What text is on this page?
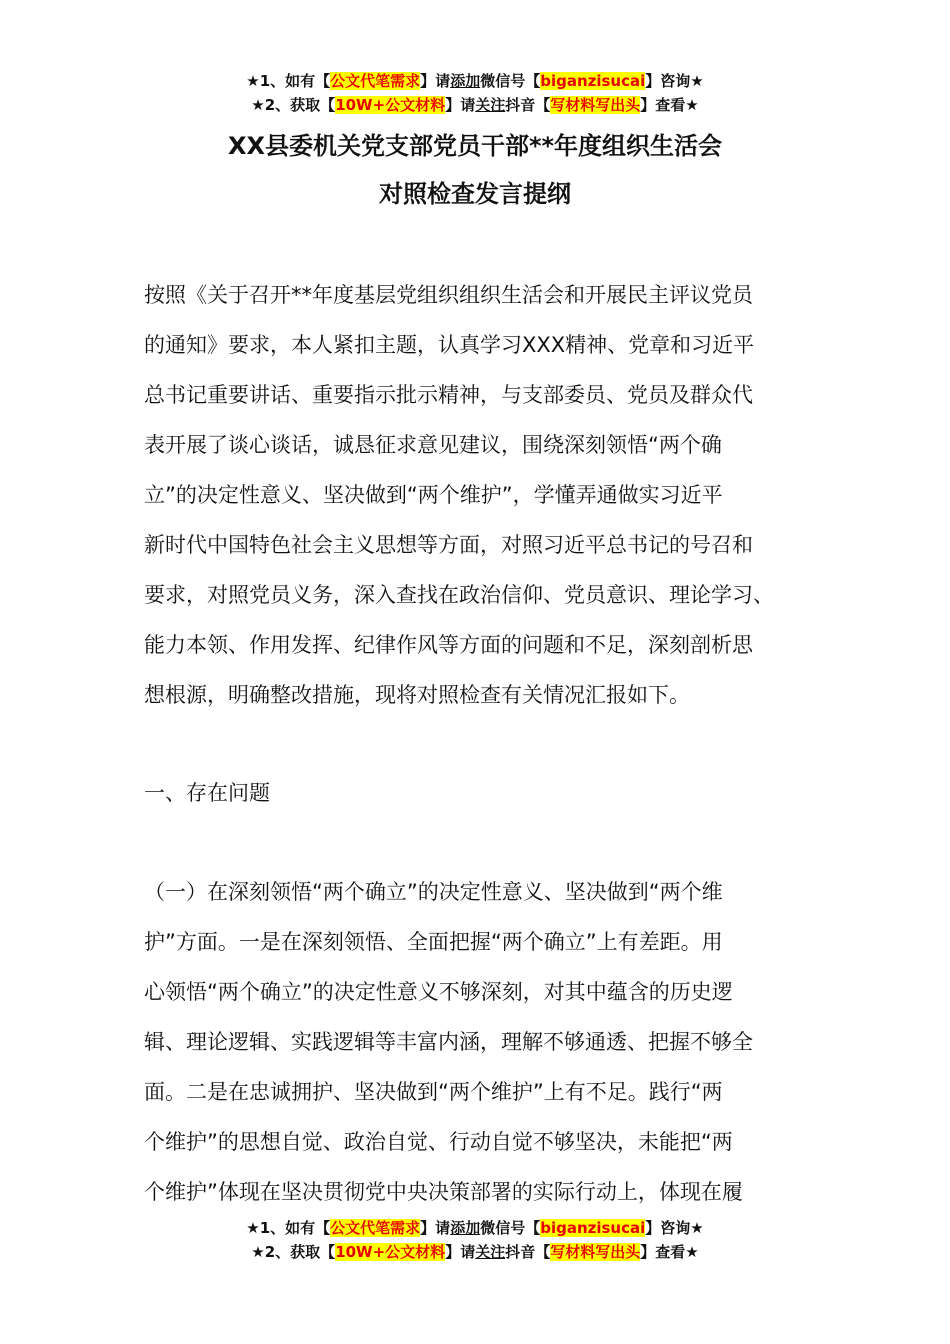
★1、如有【公文代笔需求】请添加微信号【biganzisucai】咨询★
★2、获取【10W+公文材料】请关注抖音【写材料写出头】查看★
XX县委机关党支部党员干部**年度组织生活会
对照检查发言提纲
按照《关于召开**年度基层党组织组织生活会和开展民主评议党员
的通知》要求，本人紧扣主题，认真学习XXX精神、党章和习近平
总书记重要讲话、重要指示批示精神，与支部委员、党员及群众代
表开展了谈心谈话，诚恳征求意见建议，围绕深刻领悟“两个确
立”的决定性意义、坚决做到“两个维护”，学懂弄通做实习近平
新时代中国特色社会主义思想等方面，对照习近平总书记的号召和
要求，对照党员义务，深入查找在政治信仰、党员意识、理论学习、
能力本领、作用发挥、纪律作风等方面的问题和不足，深刻剖析思
想根源，明确整改措施，现将对照检查有关情况汇报如下。
一、存在问题
（一）在深刻领悟“两个确立”的决定性意义、坚决做到“两个维
护”方面。一是在深刻领悟、全面把握“两个确立”上有差距。用
心领悟“两个确立”的决定性意义不够深刻，对其中蕴含的历史逻
辑、理论逻辑、实践逻辑等丰富内涵，理解不够通透、把握不够全
面。二是在忠诚拥护、坚决做到“两个维护”上有不足。践行“两
个维护”的思想自觉、政治自觉、行动自觉不够坚决，未能把“两
个维护”体现在坚决贯彻党中央决策部署的实际行动上，体现在履
★1、如有【公文代笔需求】请添加微信号【biganzisucai】咨询★
★2、获取【10W+公文材料】请关注抖音【写材料写出头】查看★
